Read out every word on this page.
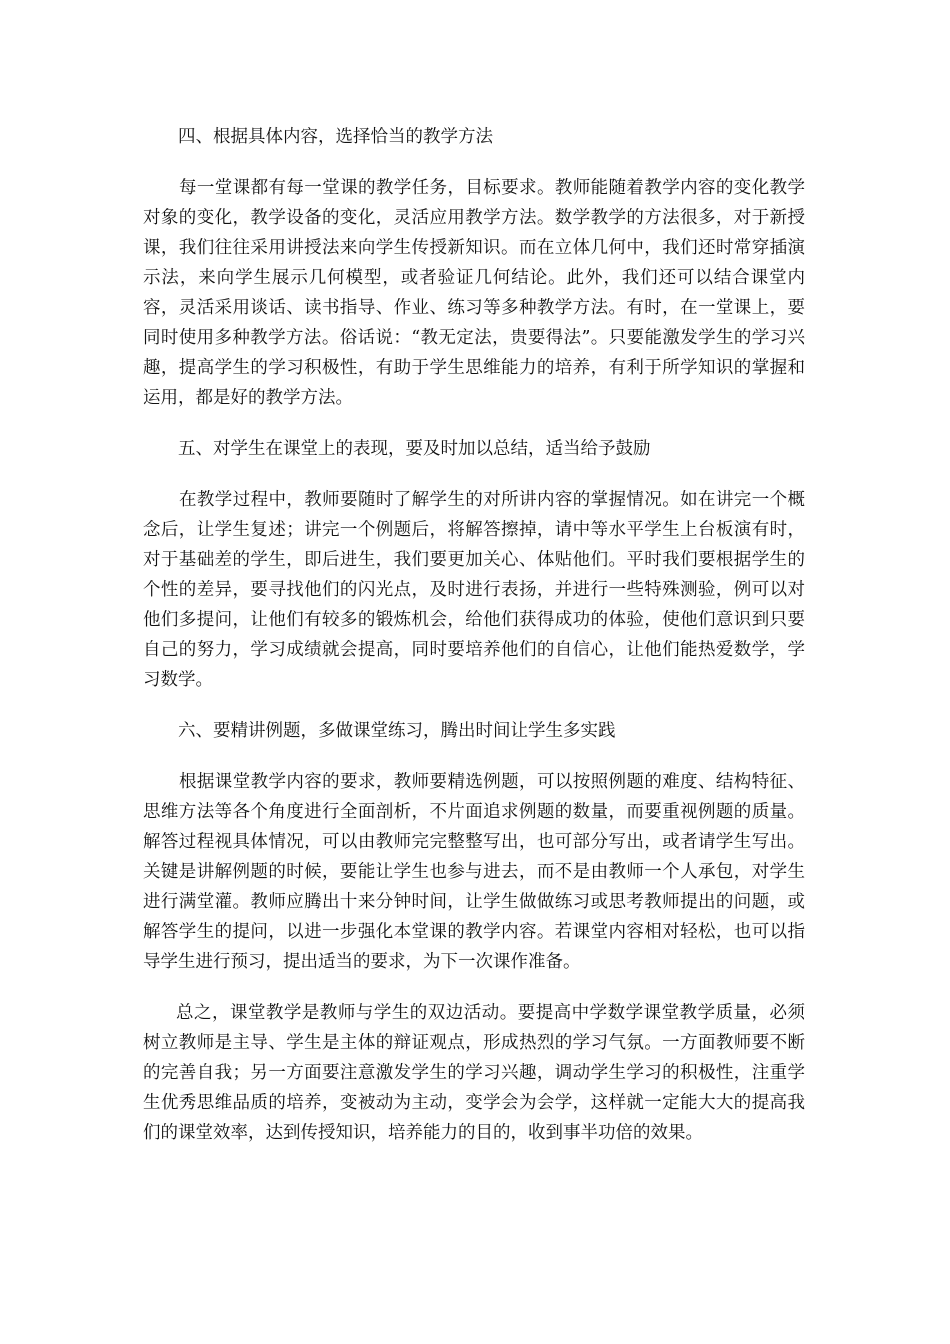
四、根据具体内容，选择恰当的教学方法

每一堂课都有每一堂课的教学任务，目标要求。教师能随着教学内容的变化教学对象的变化，教学设备的变化，灵活应用教学方法。数学教学的方法很多，对于新授课，我们往往采用讲授法来向学生传授新知识。而在立体几何中，我们还时常穿插演示法，来向学生展示几何模型，或者验证几何结论。此外，我们还可以结合课堂内容，灵活采用谈话、读书指导、作业、练习等多种教学方法。有时，在一堂课上，要同时使用多种教学方法。俗话说：“教无定法，贵要得法”。只要能激发学生的学习兴趣，提高学生的学习积极性，有助于学生思维能力的培养，有利于所学知识的掌握和运用，都是好的教学方法。

五、对学生在课堂上的表现，要及时加以总结，适当给予鼓励

在教学过程中，教师要随时了解学生的对所讲内容的掌握情况。如在讲完一个概念后，让学生复述；讲完一个例题后，将解答擦掉，请中等水平学生上台板演有时，对于基础差的学生，即后进生，我们要更加关心、体贴他们。平时我们要根据学生的个性的差异，要寻找他们的闪光点，及时进行表扬，并进行一些特殊测验，例可以对他们多提问，让他们有较多的锻炼机会，给他们获得成功的体验，使他们意识到只要自己的努力，学习成绩就会提高，同时要培养他们的自信心，让他们能热爱数学，学习数学。

六、要精讲例题，多做课堂练习，腾出时间让学生多实践

根据课堂教学内容的要求，教师要精选例题，可以按照例题的难度、结构特征、思维方法等各个角度进行全面剖析，不片面追求例题的数量，而要重视例题的质量。解答过程视具体情况，可以由教师完完整整写出，也可部分写出，或者请学生写出。关键是讲解例题的时候，要能让学生也参与进去，而不是由教师一个人承包，对学生进行满堂灌。教师应腾出十来分钟时间，让学生做做练习或思考教师提出的问题，或解答学生的提问，以进一步强化本堂课的教学内容。若课堂内容相对轻松，也可以指导学生进行预习，提出适当的要求，为下一次课作准备。

总之，课堂教学是教师与学生的双边活动。要提高中学数学课堂教学质量，必须树立教师是主导、学生是主体的辩证观点，形成热烈的学习气氛。一方面教师要不断的完善自我；另一方面要注意激发学生的学习兴趣，调动学生学习的积极性，注重学生优秀思维品质的培养，变被动为主动，变学会为会学，这样就一定能大大的提高我们的课堂效率，达到传授知识，培养能力的目的，收到事半功倍的效果。
